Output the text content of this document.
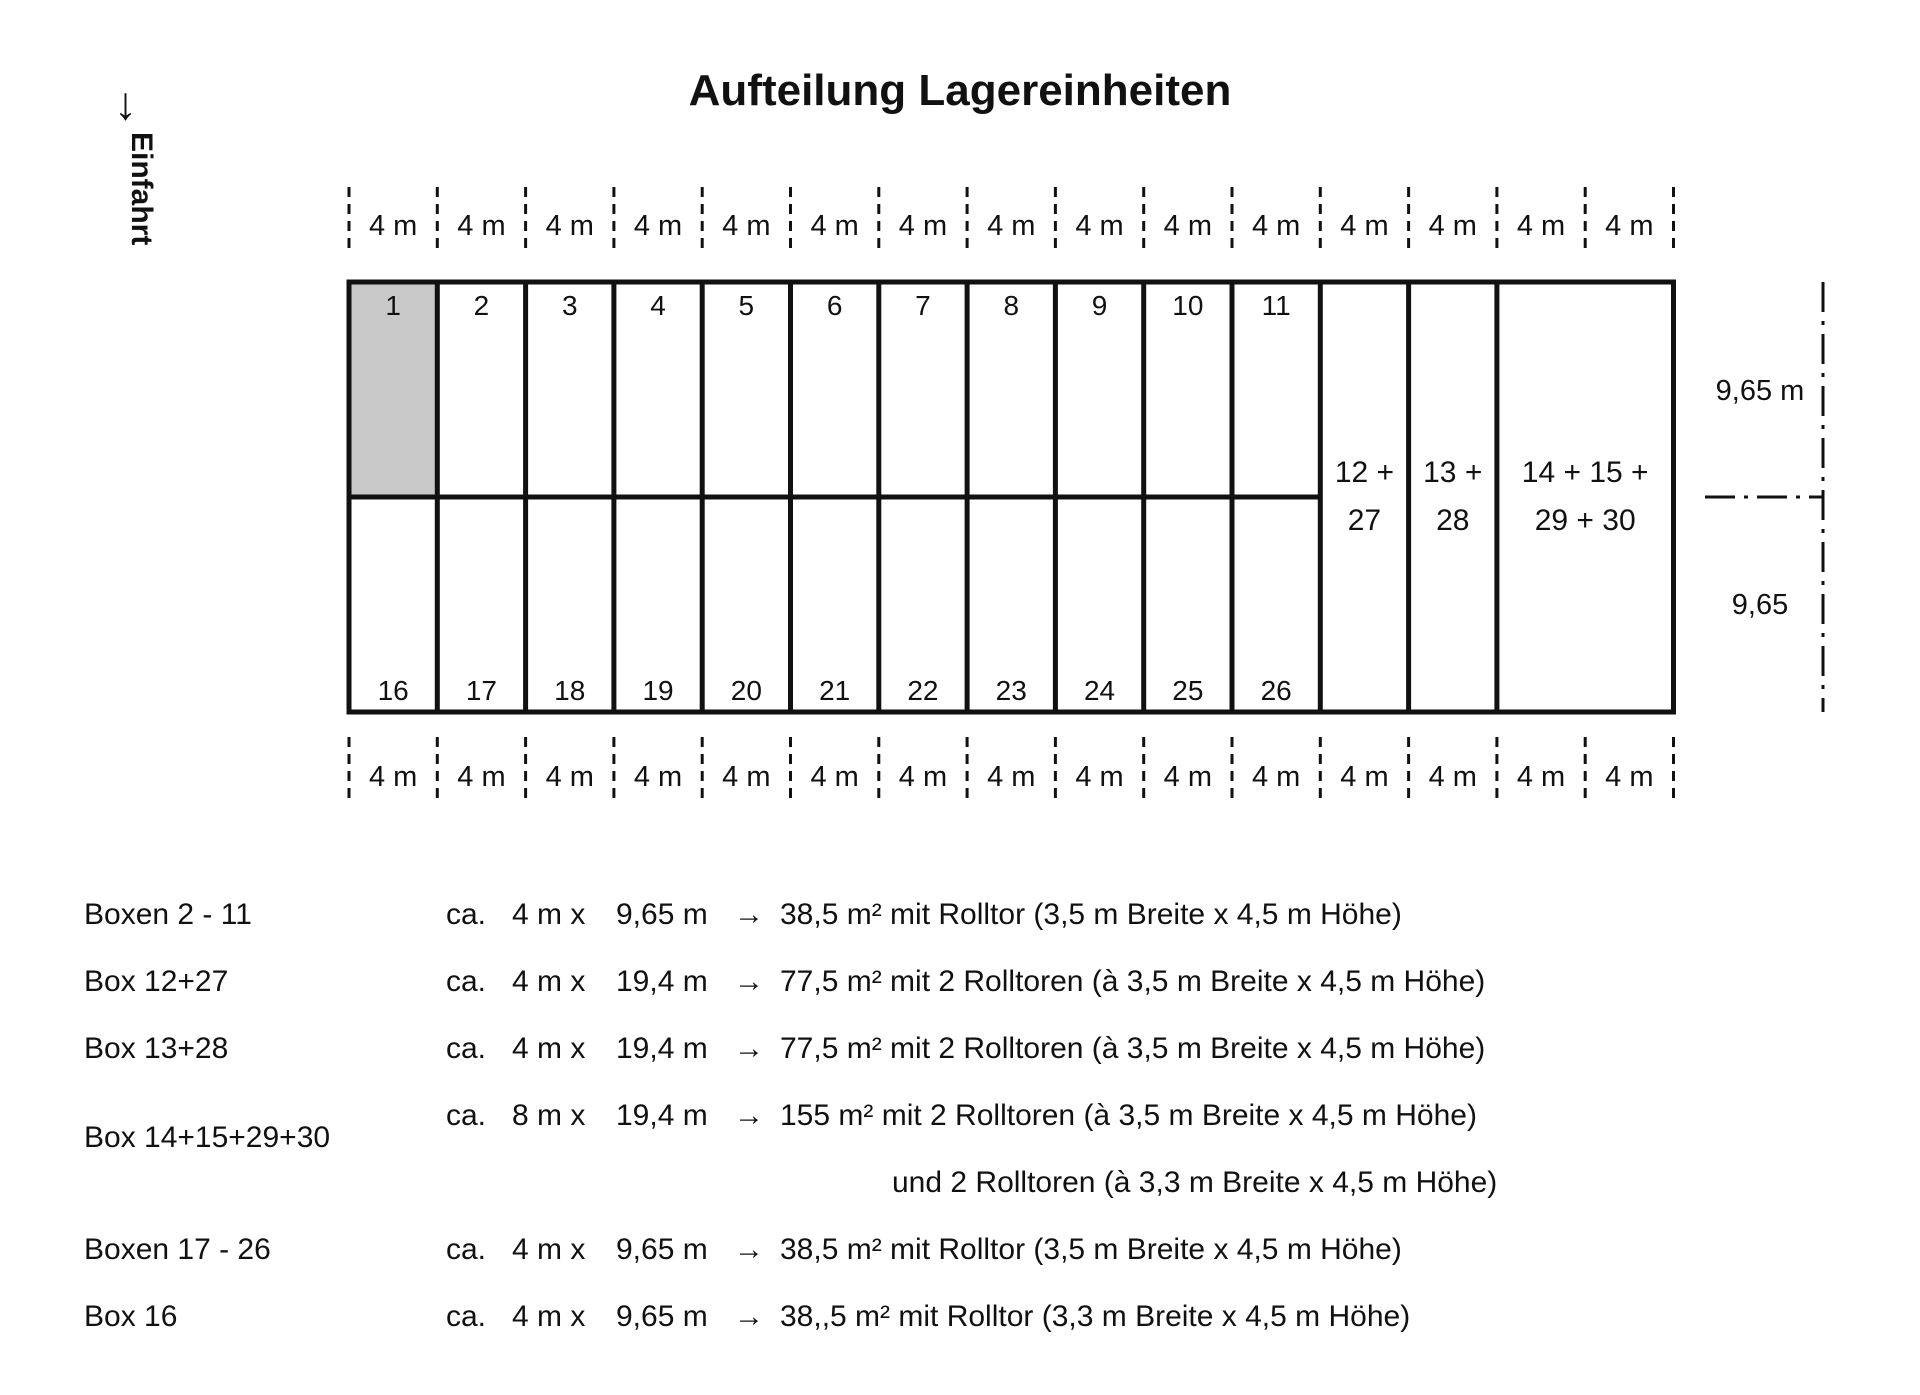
↓
Einfahrt
Aufteilung Lagereinheiten
1	2	3	4	5	6	7	8	9 10 11
16 17 18 19 20 21 22 23 24 25 26
12 +
27
13 +
28
14 + 15 +
29 + 30
4 m 4 m 4 m 4 m 4 m 4 m 4 m 4 m 4 m 4 m 4 m 4 m 4 m 4 m 4 m
4 m 4 m 4 m 4 m 4 m 4 m 4 m 4 m 4 m 4 m 4 m 4 m 4 m 4 m 4 m
9,65 m
9,65
Boxen 2 - 11	ca. 4 m x 9,65 m → 38,5 m² mit Rolltor (3,5 m Breite x 4,5 m Höhe)
Box 12+27	ca. 4 m x 19,4 m → 77,5 m² mit 2 Rolltoren (à 3,5 m Breite x 4,5 m Höhe)
Box 13+28	ca. 4 m x 19,4 m → 77,5 m² mit 2 Rolltoren (à 3,5 m Breite x 4,5 m Höhe)
Box 14+15+29+30
ca. 8 m x 19,4 m → 155 m² mit 2 Rolltoren (à 3,5 m Breite x 4,5 m Höhe)
und 2 Rolltoren (à 3,3 m Breite x 4,5 m Höhe)
Boxen 17 - 26	ca. 4 m x 9,65 m → 38,5 m² mit Rolltor (3,5 m Breite x 4,5 m Höhe)
Box 16	ca. 4 m x 9,65 m → 38,,5 m² mit Rolltor (3,3 m Breite x 4,5 m Höhe)
